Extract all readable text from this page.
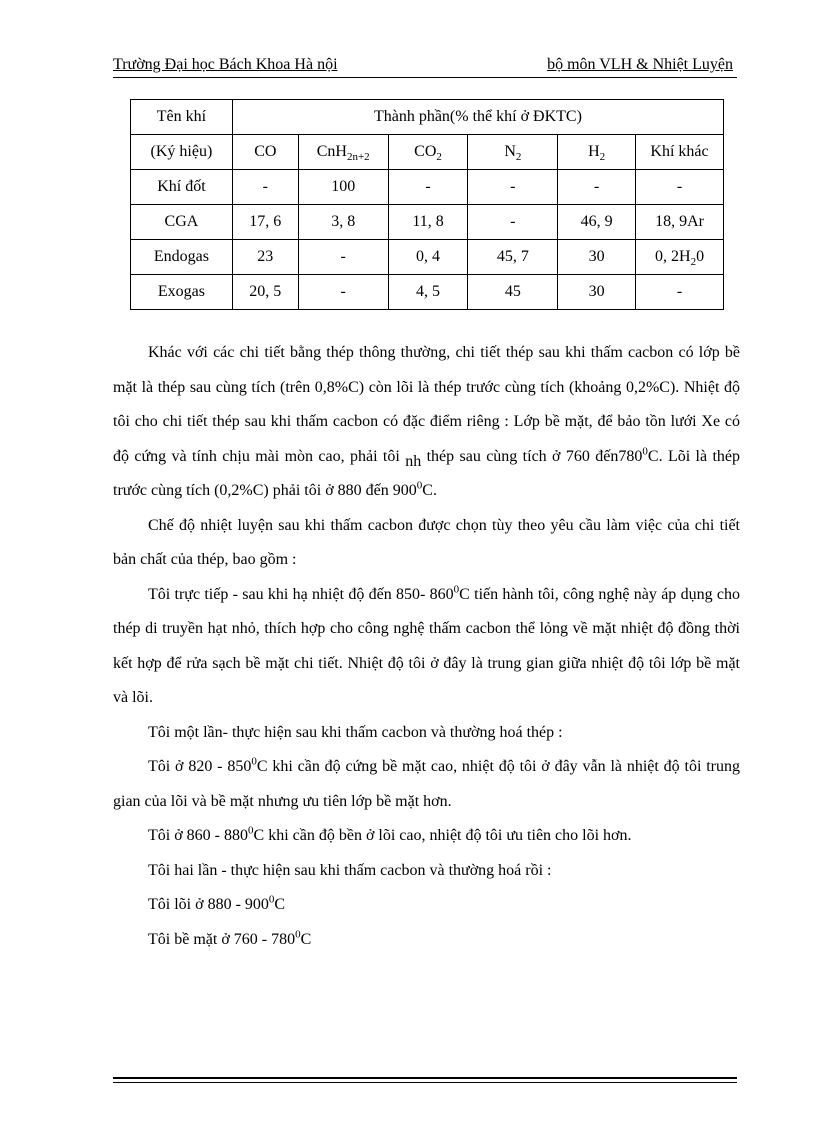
Trường Đại học Bách Khoa Hà nội	bộ môn VLH & Nhiệt Luyện
Tên khí	Thành phần(% thể khí ở ĐKTC)					
(Ký hiệu)	CO	CnH$_{2n+2}$	$CO_2$	$N_2$	$H_2$	Khí khác
Khí đốt	-	100	-	-	-	-
CGA	17, 6	3, 8	11, 8	-	46, 9	18, 9Ar
Endogas	23	-	0, 4	45, 7	30	0, $2H_20$
Exogas	20, 5	-	4, 5	45	30	-

Khác với các chi tiết bằng thép thông thường, chi tiết thép sau khi thấm cacbon có lớp bề mặt là thép sau cùng tích (trên 0,8%C) còn lõi là thép trước cùng tích (khoảng 0,2%C). Nhiệt độ tôi cho chi tiết thép sau khi thấm cacbon có đặc điểm riêng : Lớp bề mặt, để bảo tồn lưới Xe có độ cứng và tính chịu mài mòn cao, phải tôi nh thép sau cùng tích ở 760 $đến780^0C$. Lõi là thép trước cùng tích (0,2%C) phải tôi ở 880 đến $900^0C$.

Chế độ nhiệt luyện sau khi thấm cacbon được chọn tùy theo yêu cầu làm việc của chi tiết bản chất của thép, bao gồm :

Tôi trực tiếp - sau khi hạ nhiệt độ đến 850- $860^0C$ tiến hành tôi, công nghệ này áp dụng cho thép di truyền hạt nhỏ, thích hợp cho công nghệ thấm cacbon thể lỏng về mặt nhiệt độ đồng thời kết hợp để rửa sạch bề mặt chi tiết. Nhiệt độ tôi ở đây là trung gian giữa nhiệt độ tôi lớp bề mặt và lõi.

Tôi một lần- thực hiện sau khi thấm cacbon và thường hoá thép :

Tôi ở $820 - 850^0C$ khi cần độ cứng bề mặt cao, nhiệt độ tôi ở đây vẫn là nhiệt độ tôi trung gian của lõi và bề mặt nhưng ưu tiên lớp bề mặt hơn.

Tôi ở $860 - 880^0C$ khi cần độ bền ở lõi cao, nhiệt độ tôi ưu tiên cho lõi hơn.

Tôi hai lần - thực hiện sau khi thấm cacbon và thường hoá rồi :

Tôi lõi ở $880 - 900^0C$

Tôi bề mặt ở $760 - 780^0C$
